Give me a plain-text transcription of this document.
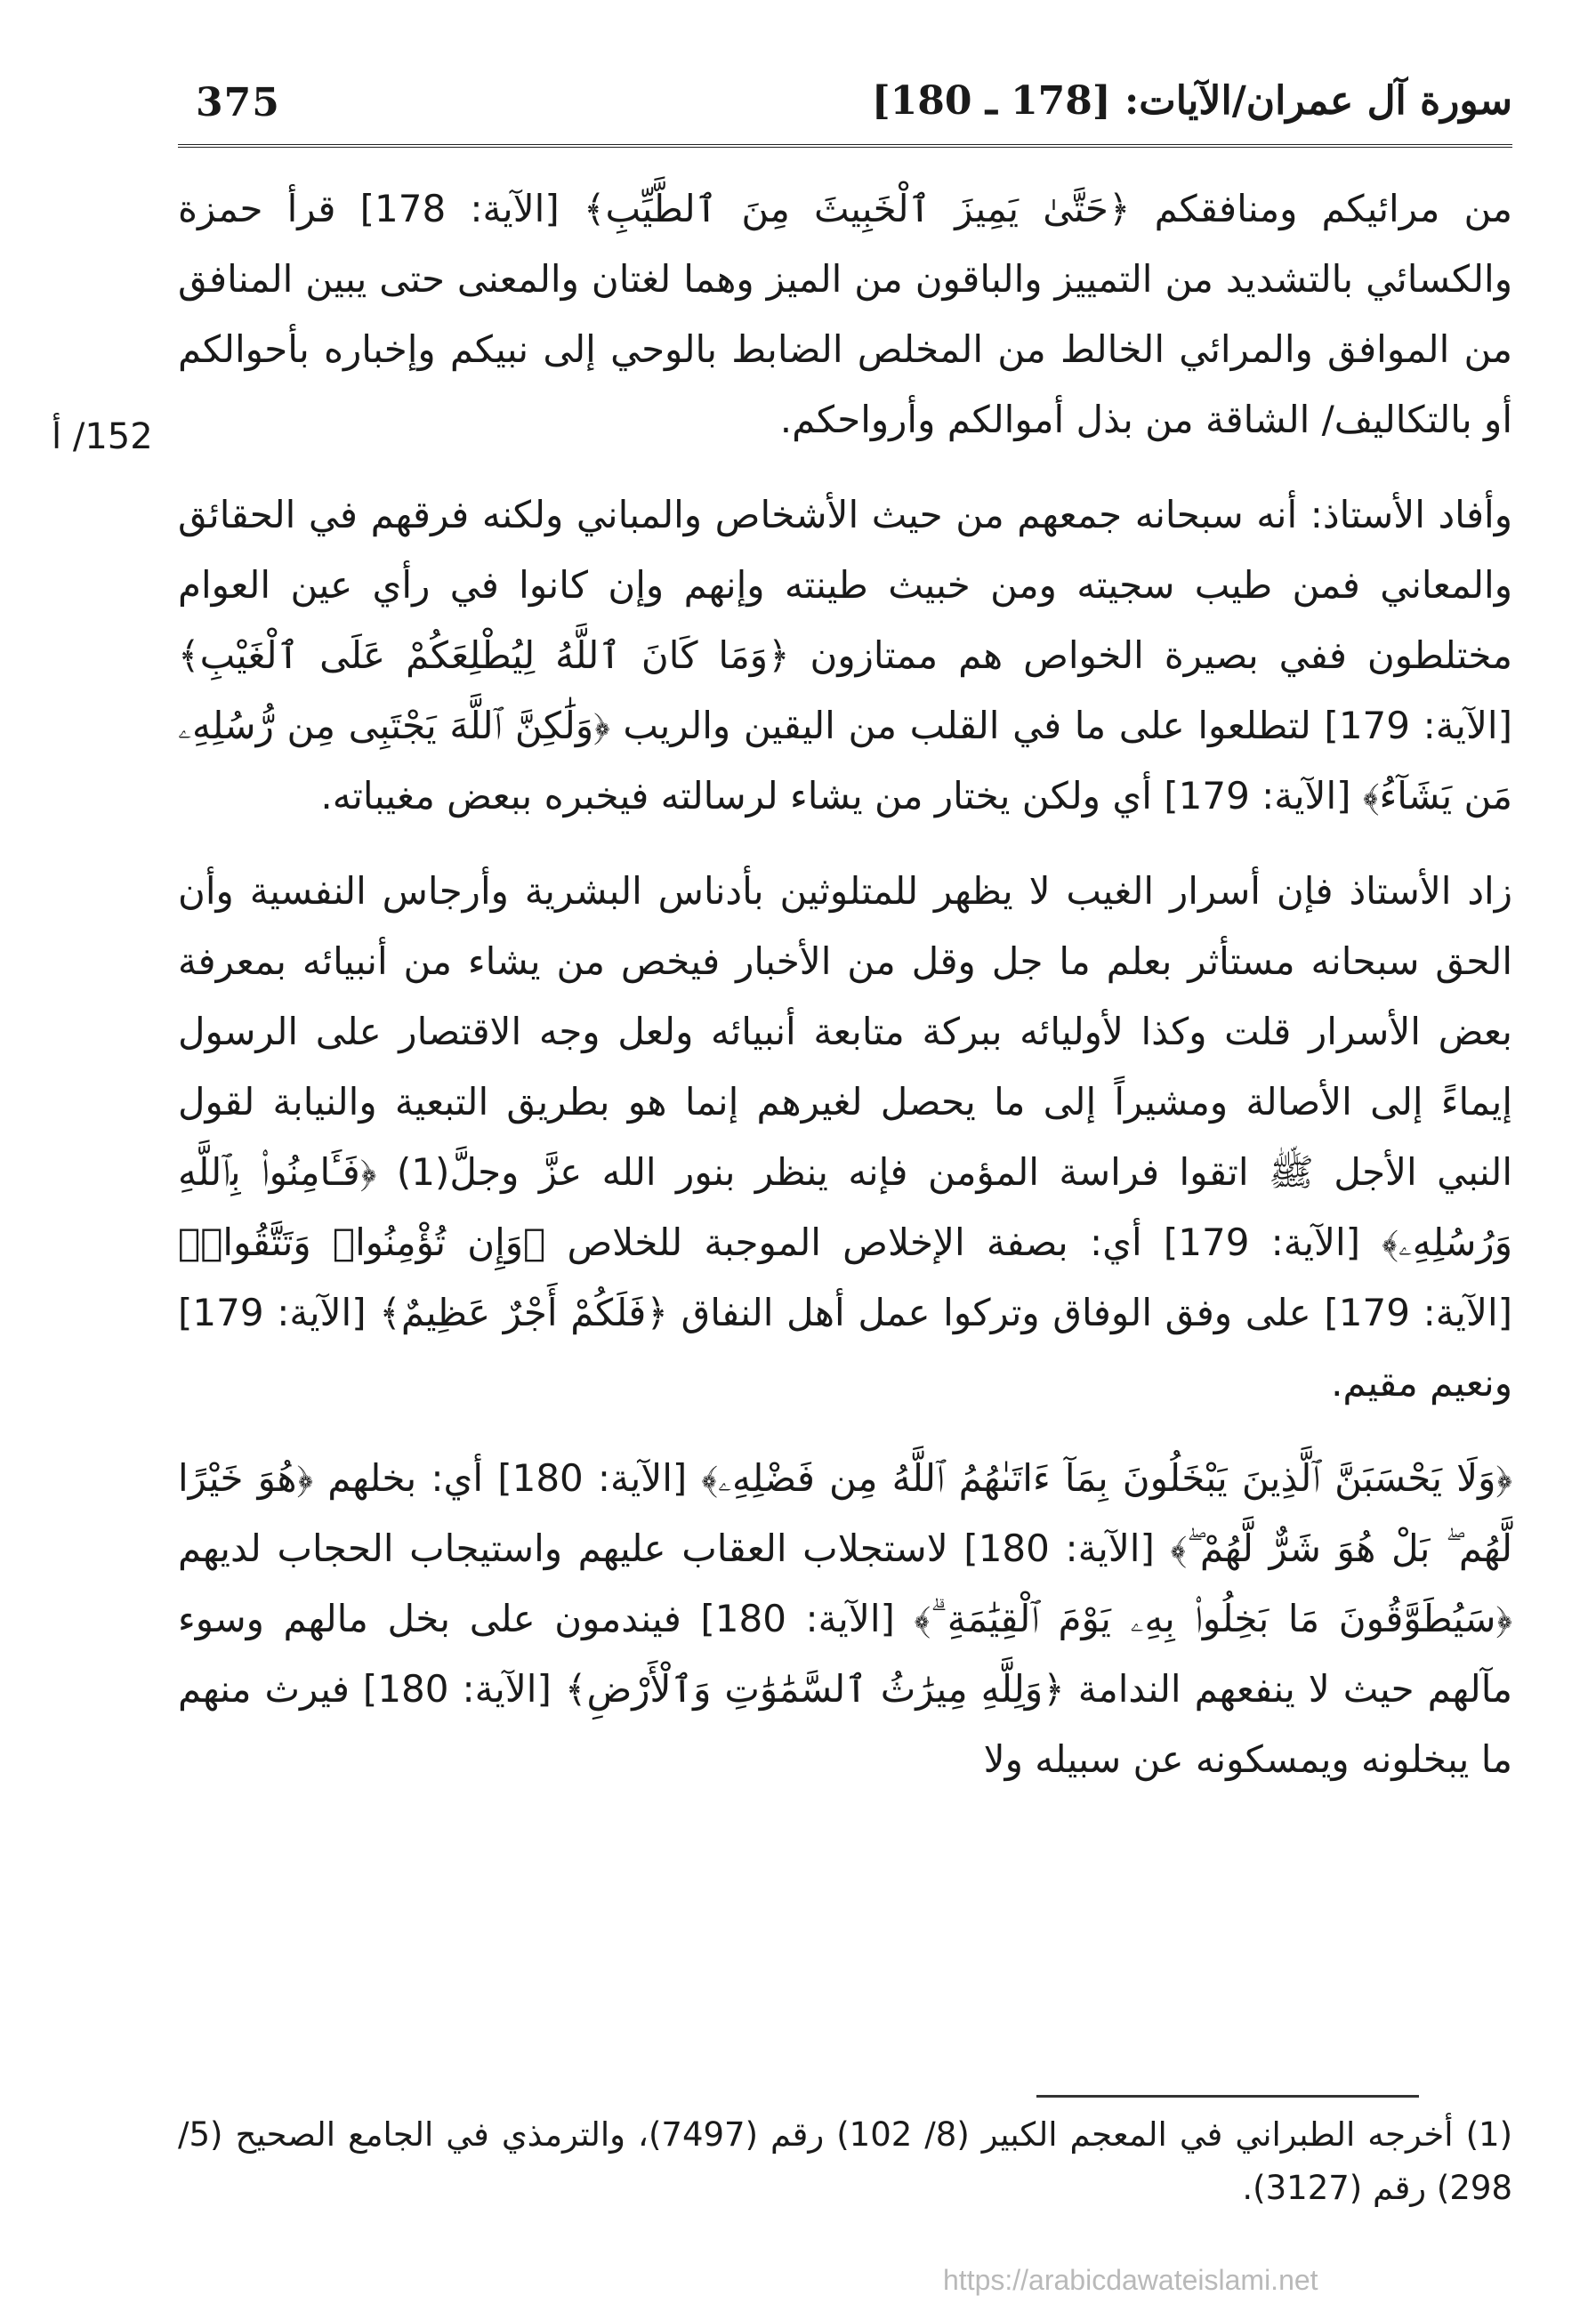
375	سورة آل عمران/الآيات: [178 ـ 180]
152/ أ

من مرائيكم ومنافقكم ﴿حَتَّىٰ يَمِيزَ ٱلْخَبِيثَ مِنَ ٱلطَّيِّبِ﴾ [الآية: 178] قرأ حمزة والكسائي بالتشديد من التمييز والباقون من الميز وهما لغتان والمعنى حتى يبين المنافق من الموافق والمرائي الخالط من المخلص الضابط بالوحي إلى نبيكم وإخباره بأحوالكم أو بالتكاليف/ الشاقة من بذل أموالكم وأرواحكم.

وأفاد الأستاذ: أنه سبحانه جمعهم من حيث الأشخاص والمباني ولكنه فرقهم في الحقائق والمعاني فمن طيب سجيته ومن خبيث طينته وإنهم وإن كانوا في رأي عين العوام مختلطون ففي بصيرة الخواص هم ممتازون ﴿وَمَا كَانَ ٱللَّهُ لِيُطْلِعَكُمْ عَلَى ٱلْغَيْبِ﴾ [الآية: 179] لتطلعوا على ما في القلب من اليقين والريب ﴿وَلَٰكِنَّ ٱللَّهَ يَجْتَبِى مِن رُّسُلِهِۦ مَن يَشَآءُ﴾ [الآية: 179] أي ولكن يختار من يشاء لرسالته فيخبره ببعض مغيباته.

زاد الأستاذ فإن أسرار الغيب لا يظهر للمتلوثين بأدناس البشرية وأرجاس النفسية وأن الحق سبحانه مستأثر بعلم ما جل وقل من الأخبار فيخص من يشاء من أنبيائه بمعرفة بعض الأسرار قلت وكذا لأوليائه ببركة متابعة أنبيائه ولعل وجه الاقتصار على الرسول إيماءً إلى الأصالة ومشيراً إلى ما يحصل لغيرهم إنما هو بطريق التبعية والنيابة لقول النبي الأجل ﷺ اتقوا فراسة المؤمن فإنه ينظر بنور الله عزَّ وجلَّ(1) ﴿فَـَٔامِنُوا۟ بِٱللَّهِ وَرُسُلِهِۦ﴾ [الآية: 179] أي: بصفة الإخلاص الموجبة للخلاص ﴿وَإِن تُؤْمِنُوا۟ وَتَتَّقُوا۟﴾ [الآية: 179] على وفق الوفاق وتركوا عمل أهل النفاق ﴿فَلَكُمْ أَجْرٌ عَظِيمٌ﴾ [الآية: 179] ونعيم مقيم.

﴿وَلَا يَحْسَبَنَّ ٱلَّذِينَ يَبْخَلُونَ بِمَآ ءَاتَىٰهُمُ ٱللَّهُ مِن فَضْلِهِۦ﴾ [الآية: 180] أي: بخلهم ﴿هُوَ خَيْرًا لَّهُم ۖ بَلْ هُوَ شَرٌّ لَّهُمْ ۖ﴾ [الآية: 180] لاستجلاب العقاب عليهم واستيجاب الحجاب لديهم ﴿سَيُطَوَّقُونَ مَا بَخِلُوا۟ بِهِۦ يَوْمَ ٱلْقِيَٰمَةِ ۗ﴾ [الآية: 180] فيندمون على بخل مالهم وسوء مآلهم حيث لا ينفعهم الندامة ﴿وَلِلَّهِ مِيرَٰثُ ٱلسَّمَٰوَٰتِ وَٱلْأَرْضِ﴾ [الآية: 180] فيرث منهم ما يبخلونه ويمسكونه عن سبيله ولا

(1) أخرجه الطبراني في المعجم الكبير (8/ 102) رقم (7497)، والترمذي في الجامع الصحيح (5/ 298) رقم (3127).
https://arabicdawateislami.net
